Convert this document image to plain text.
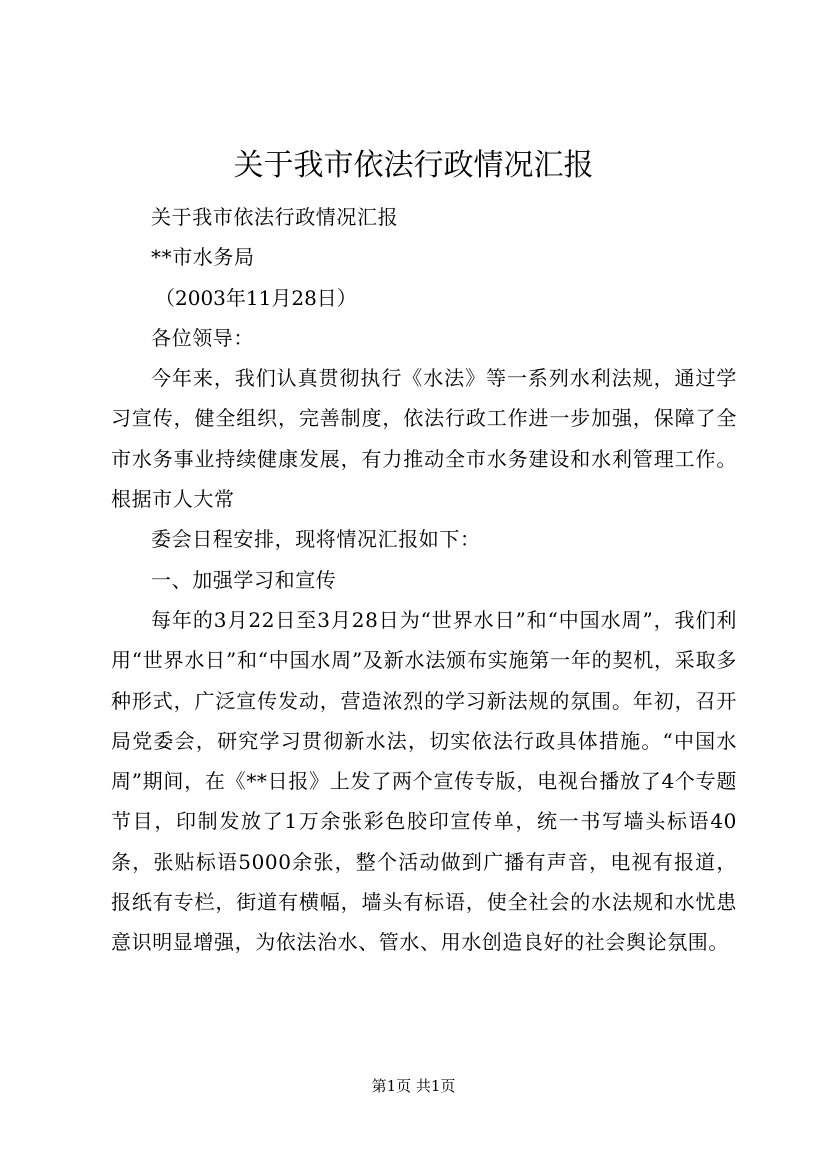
关于我市依法行政情况汇报

关于我市依法行政情况汇报

**市水务局

（2003年11月28日）

各位领导：

今年来，我们认真贯彻执行《水法》等一系列水利法规，通过学习宣传，健全组织，完善制度，依法行政工作进一步加强，保障了全市水务事业持续健康发展，有力推动全市水务建设和水利管理工作。根据市人大常

委会日程安排，现将情况汇报如下：

一、加强学习和宣传

每年的3月22日至3月28日为“世界水日”和“中国水周”，我们利用“世界水日”和“中国水周”及新水法颁布实施第一年的契机，采取多种形式，广泛宣传发动，营造浓烈的学习新法规的氛围。年初，召开局党委会，研究学习贯彻新水法，切实依法行政具体措施。“中国水周”期间，在《**日报》上发了两个宣传专版，电视台播放了4个专题节目，印制发放了1万余张彩色胶印宣传单，统一书写墙头标语40条，张贴标语5000余张，整个活动做到广播有声音，电视有报道，报纸有专栏，街道有横幅，墙头有标语，使全社会的水法规和水忧患意识明显增强，为依法治水、管水、用水创造良好的社会舆论氛围。

第1页 共1页
